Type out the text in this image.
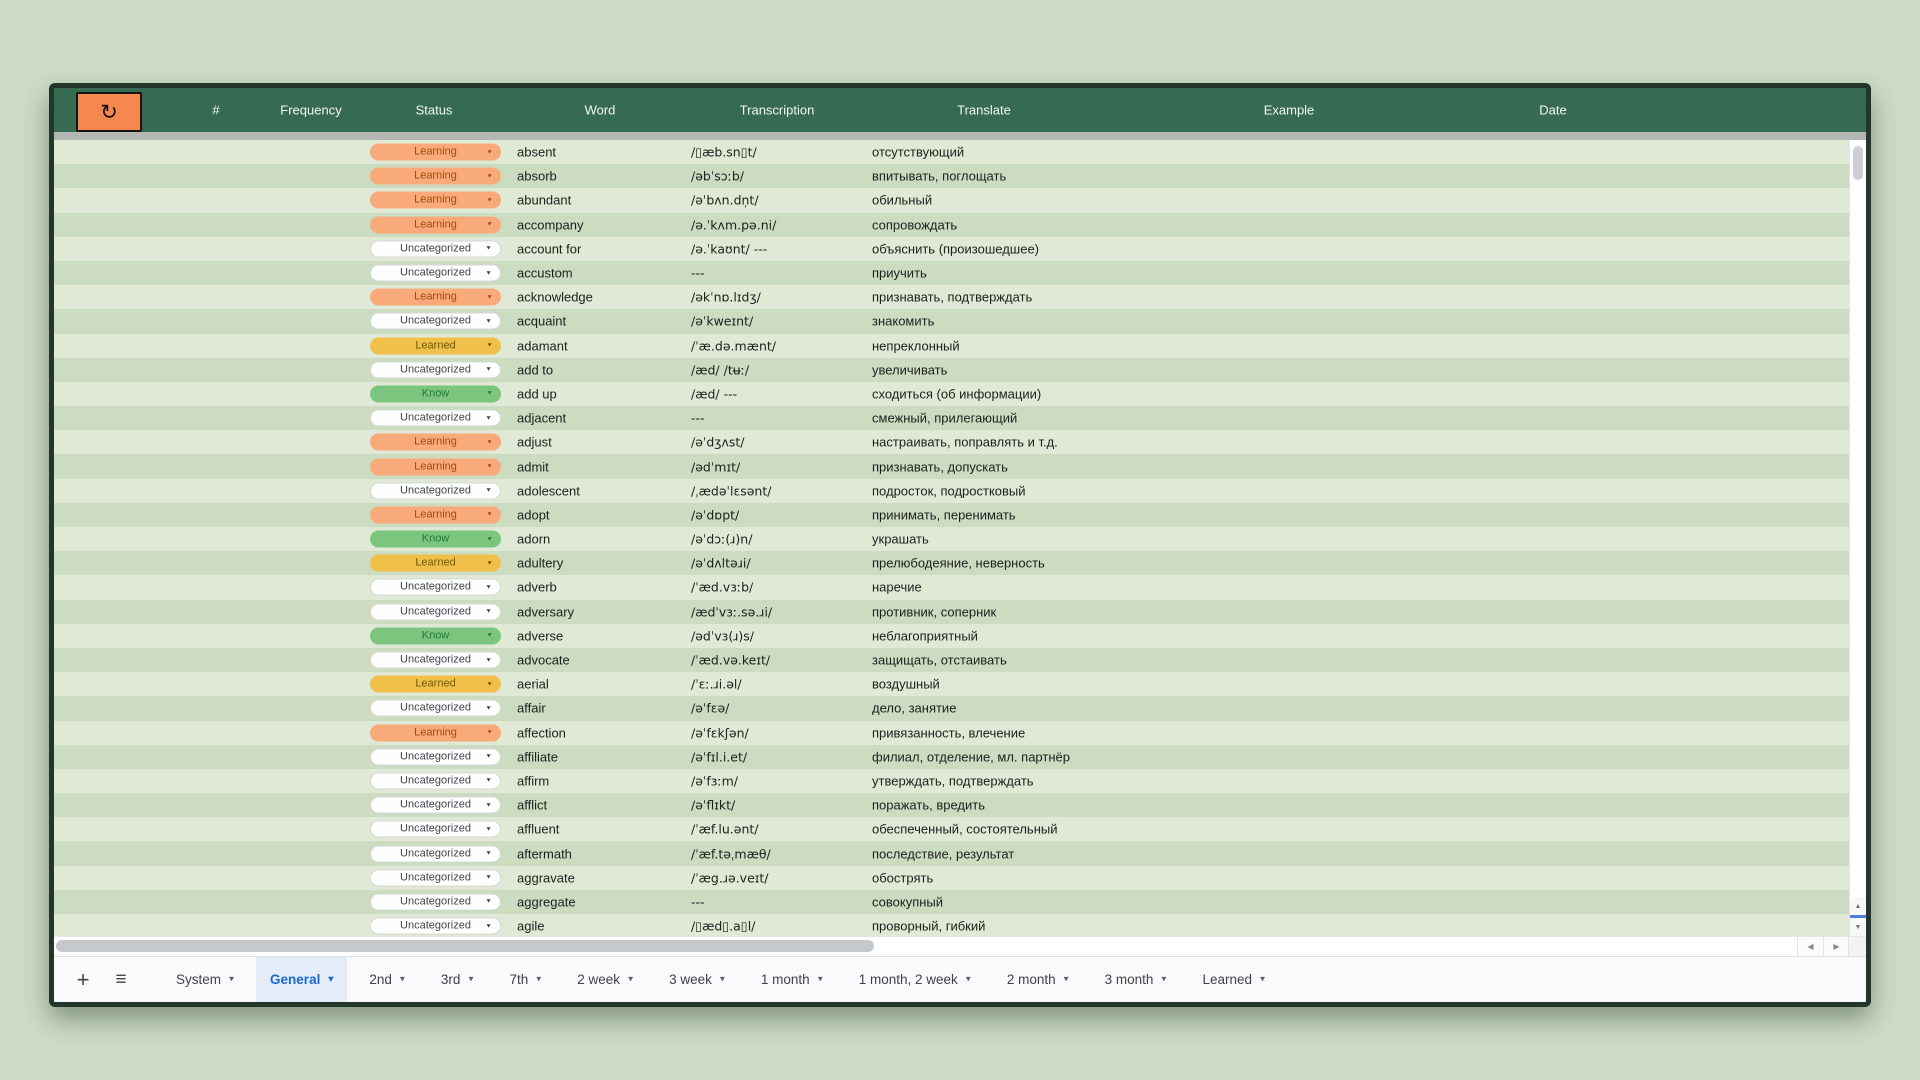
↻	#	Frequency	Status	Word	Transcription	Translate	Example	Date
Learning	▼ absent	/▯æb.sn▯t/	отсутствующий
Learning	▼ absorb	/əbˈsɔːb/	впитывать, поглощать
Learning	▼ abundant	/əˈbʌn.dn̩t/	обильный
Learning	▼ accompany	/ə.ˈkʌm.pə.ni/	сопровождать
Uncategorized ▼ account for	/ə.ˈkaʊnt/ ---	объяснить (произошедшее)
Uncategorized ▼ accustom	---	приучить
Learning	▼ acknowledge	/əkˈnɒ.lɪdʒ/	признавать, подтверждать
Uncategorized ▼ acquaint	/əˈkweɪnt/	знакомить
Learned	▼ adamant	/ˈæ.də.mænt/	непреклонный
Uncategorized ▼ add to	/æd/ /tʉː/	увеличивать
Know	▼ add up	/æd/ ---	сходиться (об информации)
Uncategorized ▼ adjacent	---	смежный, прилегающий
Learning	▼ adjust	/əˈdʒʌst/	настраивать, поправлять и т.д.
Learning	▼ admit	/ədˈmɪt/	признавать, допускать
Uncategorized ▼ adolescent	/ˌædəˈlɛsənt/	подросток, подростковый
Learning	▼ adopt	/əˈdɒpt/	принимать, перенимать
Know	▼ adorn	/əˈdɔː(ɹ)n/	украшать
Learned	▼ adultery	/əˈdʌltəɹi/	прелюбодеяние, неверность
Uncategorized ▼ adverb	/ˈæd.vɜːb/	наречие
Uncategorized ▼ adversary	/ædˈvɜː.sə.ɹi/	противник, соперник
Know	▼ adverse	/ədˈvɜ(ɹ)s/	неблагоприятный
Uncategorized ▼ advocate	/ˈæd.və.keɪt/	защищать, отстаивать
Learned	▼ aerial	/ˈɛː.ɹi.əl/	воздушный
Uncategorized ▼ affair	/əˈfɛə/	дело, занятие
Learning	▼ affection	/əˈfɛkʃən/	привязанность, влечение
Uncategorized ▼ affiliate	/əˈfɪl.i.et/	филиал, отделение, мл. партнёр
Uncategorized ▼ affirm	/əˈfɜːm/	утверждать, подтверждать
Uncategorized ▼ afflict	/əˈflɪkt/	поражать, вредить
Uncategorized ▼ affluent	/ˈæf.lu.ənt/	обеспеченный, состоятельный
Uncategorized ▼ aftermath	/ˈæf.təˌmæθ/	последствие, результат
Uncategorized ▼ aggravate	/ˈæg.ɹə.veɪt/	обострять
Uncategorized ▼ aggregate	---	совокупный
Uncategorized ▼ agile	/▯æd▯.a▯l/	проворный, гибкий
▲
▼
◀ ▶
+ ≡	System ▾	General ▾	2nd ▾	3rd ▾	7th ▾	2 week ▾	3 week ▾	1 month ▾	1 month, 2 week ▾	2 month ▾	3 month ▾	Learned ▾
